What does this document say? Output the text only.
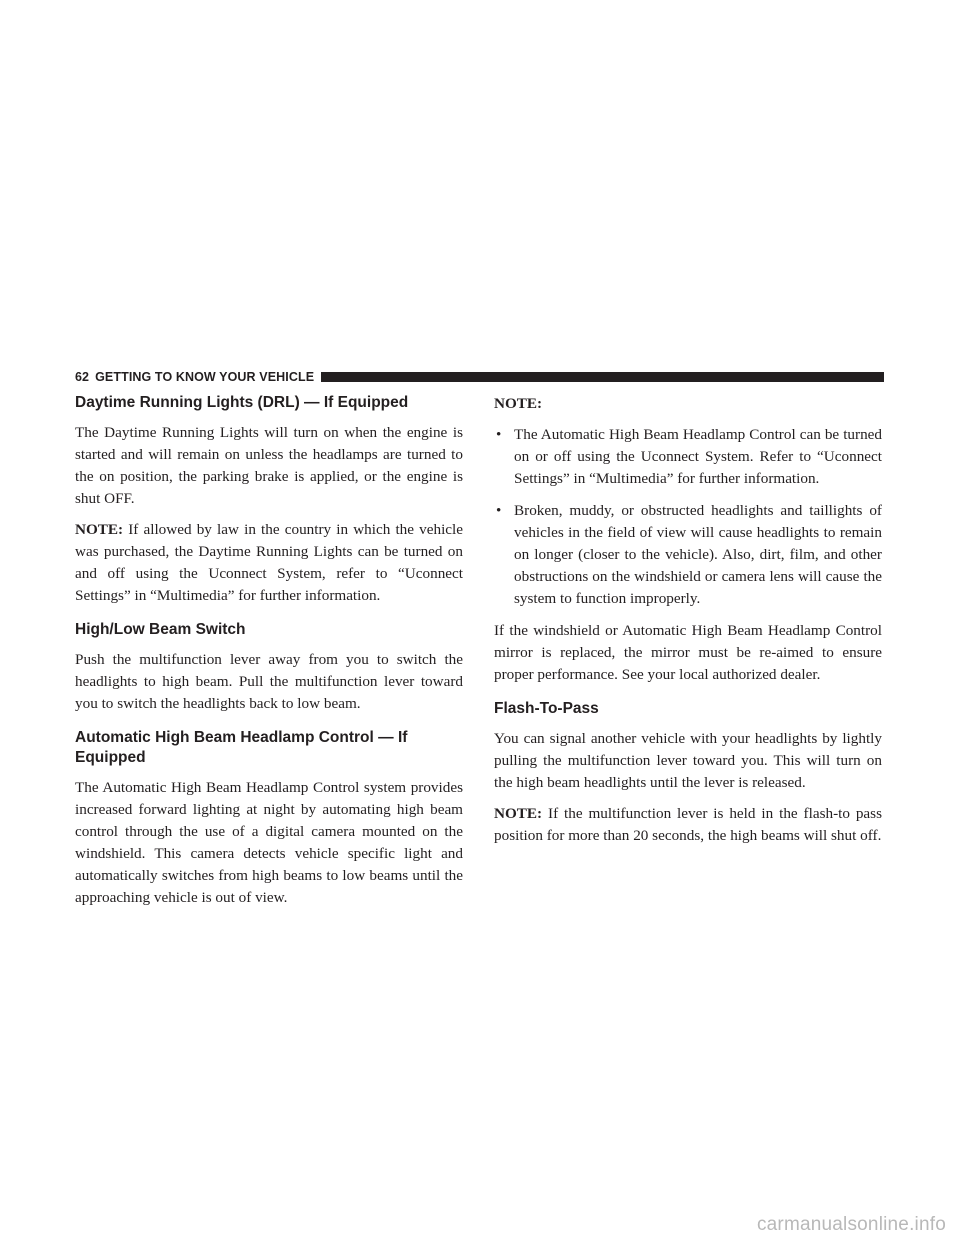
62 GETTING TO KNOW YOUR VEHICLE
Daytime Running Lights (DRL) — If Equipped

The Daytime Running Lights will turn on when the engine is started and will remain on unless the headlamps are turned to the on position, the parking brake is applied, or the engine is shut OFF.

NOTE: If allowed by law in the country in which the vehicle was purchased, the Daytime Running Lights can be turned on and off using the Uconnect System, refer to “Uconnect Settings” in “Multimedia” for further information.

High/Low Beam Switch

Push the multifunction lever away from you to switch the headlights to high beam. Pull the multifunction lever toward you to switch the headlights back to low beam.

Automatic High Beam Headlamp Control — If Equipped

The Automatic High Beam Headlamp Control system provides increased forward lighting at night by automating high beam control through the use of a digital camera mounted on the windshield. This camera detects vehicle specific light and automatically switches from high beams to low beams until the approaching vehicle is out of view.

NOTE:
• The Automatic High Beam Headlamp Control can be turned on or off using the Uconnect System. Refer to “Uconnect Settings” in “Multimedia” for further information.
• Broken, muddy, or obstructed headlights and taillights of vehicles in the field of view will cause headlights to remain on longer (closer to the vehicle). Also, dirt, film, and other obstructions on the windshield or camera lens will cause the system to function improperly.

If the windshield or Automatic High Beam Headlamp Control mirror is replaced, the mirror must be re-aimed to ensure proper performance. See your local authorized dealer.

Flash-To-Pass

You can signal another vehicle with your headlights by lightly pulling the multifunction lever toward you. This will turn on the high beam headlights until the lever is released.

NOTE: If the multifunction lever is held in the flash-to pass position for more than 20 seconds, the high beams will shut off.

carmanualsonline.info
